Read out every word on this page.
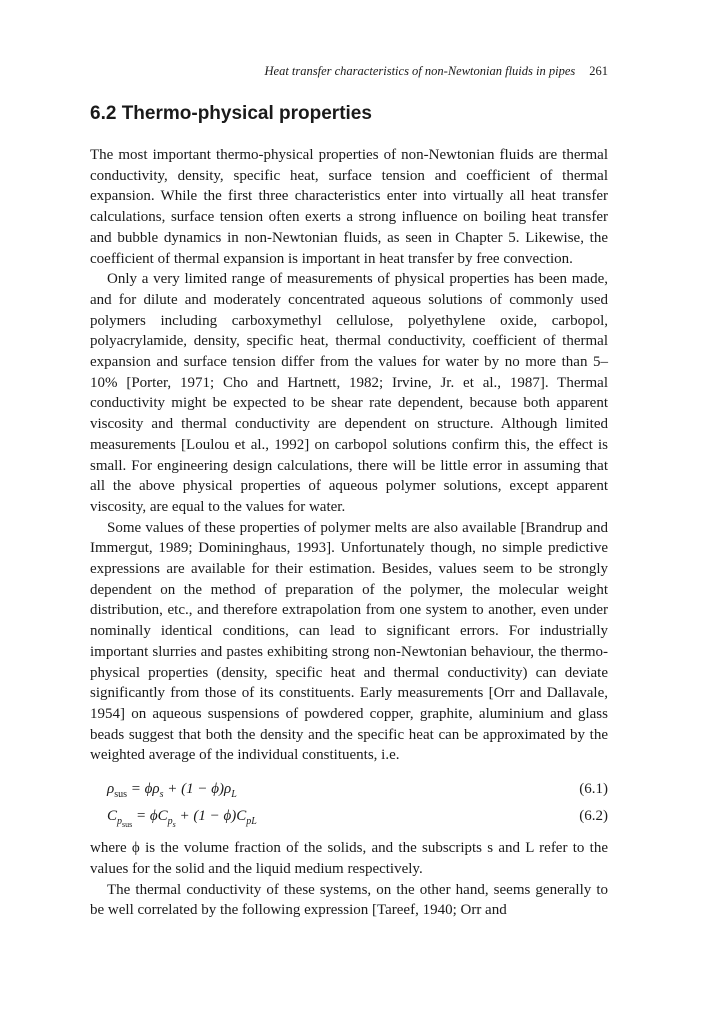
Heat transfer characteristics of non-Newtonian fluids in pipes 261
6.2 Thermo-physical properties

The most important thermo-physical properties of non-Newtonian fluids are thermal conductivity, density, specific heat, surface tension and coefficient of thermal expansion. While the first three characteristics enter into virtually all heat transfer calculations, surface tension often exerts a strong influence on boiling heat transfer and bubble dynamics in non-Newtonian fluids, as seen in Chapter 5. Likewise, the coefficient of thermal expansion is important in heat transfer by free convection.

Only a very limited range of measurements of physical properties has been made, and for dilute and moderately concentrated aqueous solutions of commonly used polymers including carboxymethyl cellulose, polyethylene oxide, carbopol, polyacrylamide, density, specific heat, thermal conductivity, coefficient of thermal expansion and surface tension differ from the values for water by no more than 5–10% [Porter, 1971; Cho and Hartnett, 1982; Irvine, Jr. et al., 1987]. Thermal conductivity might be expected to be shear rate dependent, because both apparent viscosity and thermal conductivity are dependent on structure. Although limited measurements [Loulou et al., 1992] on carbopol solutions confirm this, the effect is small. For engineering design calculations, there will be little error in assuming that all the above physical properties of aqueous polymer solutions, except apparent viscosity, are equal to the values for water.

Some values of these properties of polymer melts are also available [Brandrup and Immergut, 1989; Domininghaus, 1993]. Unfortunately though, no simple predictive expressions are available for their estimation. Besides, values seem to be strongly dependent on the method of preparation of the polymer, the molecular weight distribution, etc., and therefore extrapolation from one system to another, even under nominally identical conditions, can lead to significant errors. For industrially important slurries and pastes exhibiting strong non-Newtonian behaviour, the thermo-physical properties (density, specific heat and thermal conductivity) can deviate significantly from those of its constituents. Early measurements [Orr and Dallavale, 1954] on aqueous suspensions of powdered copper, graphite, aluminium and glass beads suggest that both the density and the specific heat can be approximated by the weighted average of the individual constituents, i.e.

$\rho_{sus} = \phi\rho_s + (1 - \phi)\rho_L$	(6.1)
$C_{p_{sus}} = \phi C_{p_s} + (1 - \phi)C_{pL}$	(6.2)

where ϕ is the volume fraction of the solids, and the subscripts s and L refer to the values for the solid and the liquid medium respectively.

The thermal conductivity of these systems, on the other hand, seems generally to be well correlated by the following expression [Tareef, 1940; Orr and
